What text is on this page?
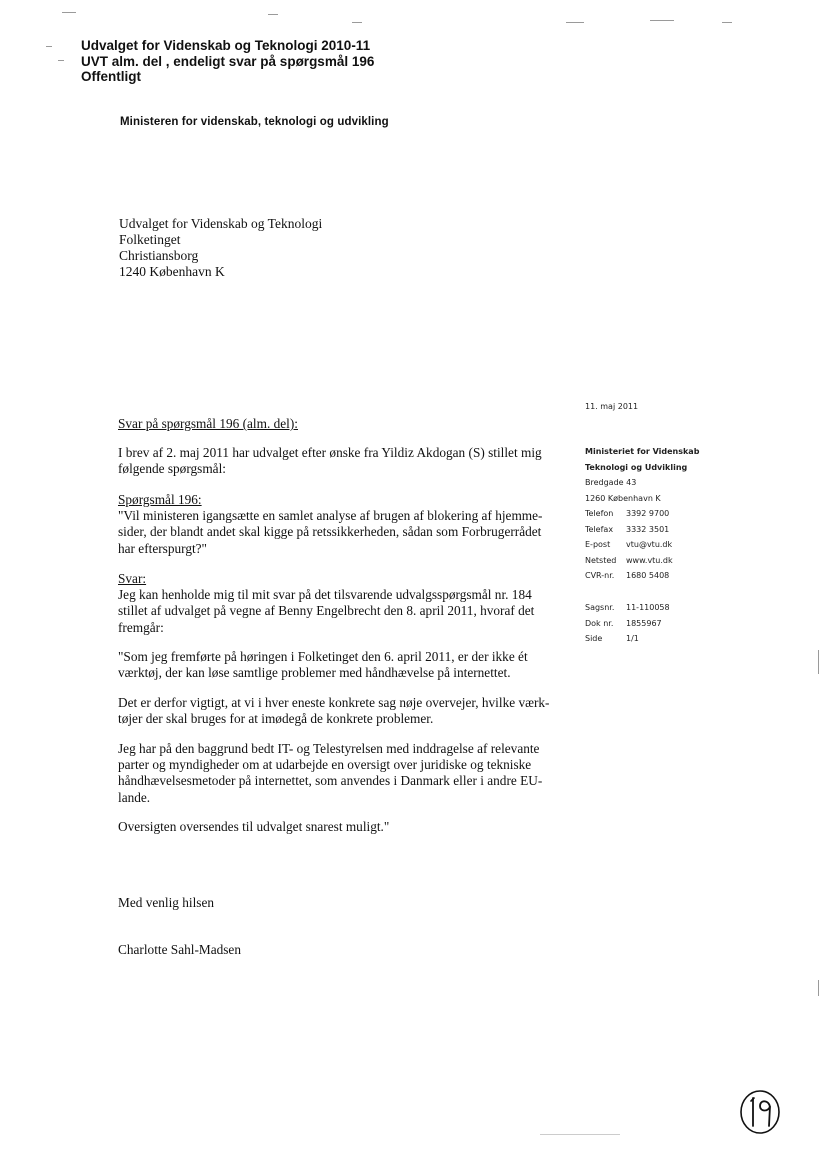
Udvalget for Videnskab og Teknologi 2010-11
UVT alm. del , endeligt svar på spørgsmål 196
Offentligt
Ministeren for videnskab, teknologi og udvikling
Udvalget for Videnskab og Teknologi
Folketinget
Christiansborg
1240 København K
11. maj 2011
Ministeriet for Videnskab
Teknologi og Udvikling
Bredgade 43
1260 København K
Telefon	3392 9700
Telefax	3332 3501
E-post	vtu@vtu.dk
Netsted	www.vtu.dk
CVR-nr.	1680 5408
Sagsnr.	11-110058
Dok nr.	1855967
Side	1/1
Svar på spørgsmål 196 (alm. del):
I brev af 2. maj 2011 har udvalget efter ønske fra Yildiz Akdogan (S) stillet mig
følgende spørgsmål:
Spørgsmål 196:
"Vil ministeren igangsætte en samlet analyse af brugen af blokering af hjemme-
sider, der blandt andet skal kigge på retssikkerheden, sådan som Forbrugerrådet
har efterspurgt?"
Svar:
Jeg kan henholde mig til mit svar på det tilsvarende udvalgsspørgsmål nr. 184
stillet af udvalget på vegne af Benny Engelbrecht den 8. april 2011, hvoraf det
fremgår:
"Som jeg fremførte på høringen i Folketinget den 6. april 2011, er der ikke ét
værktøj, der kan løse samtlige problemer med håndhævelse på internettet.
Det er derfor vigtigt, at vi i hver eneste konkrete sag nøje overvejer, hvilke værk-
tøjer der skal bruges for at imødegå de konkrete problemer.
Jeg har på den baggrund bedt IT- og Telestyrelsen med inddragelse af relevante
parter og myndigheder om at udarbejde en oversigt over juridiske og tekniske
håndhævelsesmetoder på internettet, som anvendes i Danmark eller i andre EU-
lande.
Oversigten oversendes til udvalget snarest muligt."
Med venlig hilsen
Charlotte Sahl-Madsen
